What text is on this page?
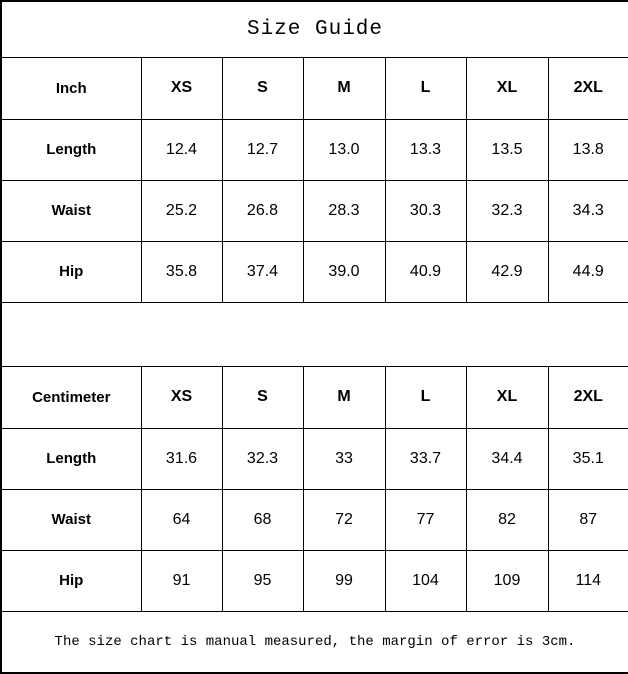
Size Guide						
Inch	XS	S	M	L	XL	2XL
Length	12.4	12.7	13.0	13.3	13.5	13.8
Waist	25.2	26.8	28.3	30.3	32.3	34.3
Hip	35.8	37.4	39.0	40.9	42.9	44.9

Centimeter	XS	S	M	L	XL	2XL
Length	31.6	32.3	33	33.7	34.4	35.1
Waist	64	68	72	77	82	87
Hip	91	95	99	104	109	114
The size chart is manual measured, the margin of error is 3cm.						
